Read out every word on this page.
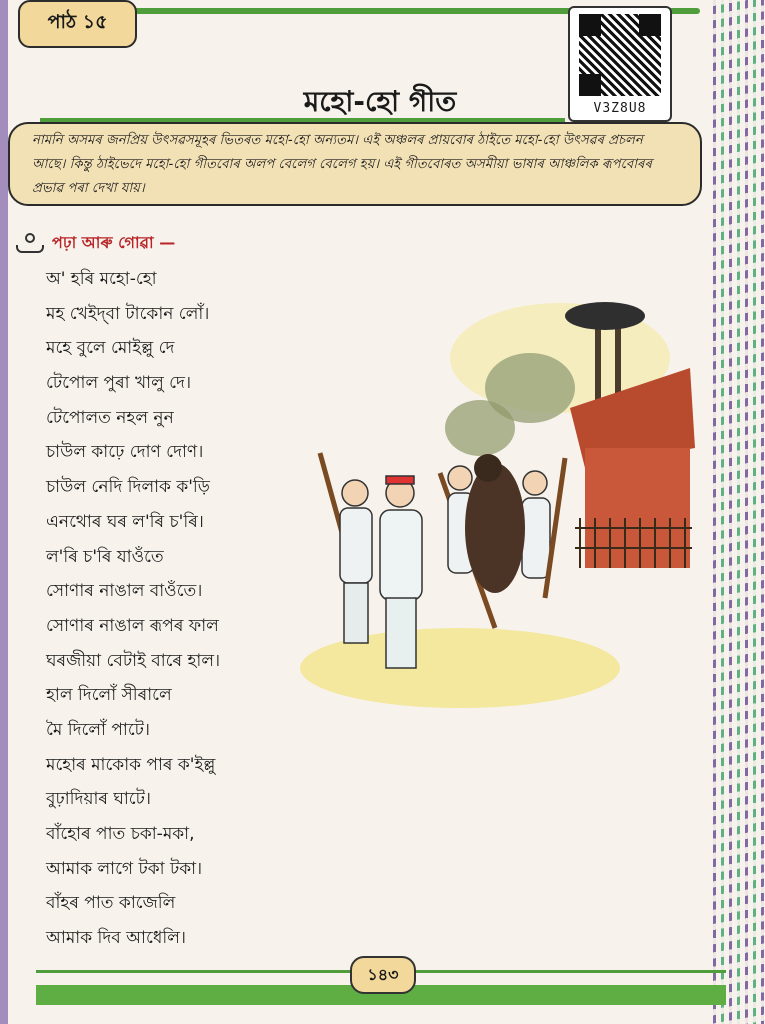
পাঠ ১৫
V3Z8U8
মহো-হো গীত
নামনি অসমৰ জনপ্ৰিয় উৎসৱসমূহৰ ভিতৰত মহো-হো অন্যতম। এই অঞ্চলৰ প্ৰায়বোৰ ঠাইতে মহো-হো উৎসৱৰ প্ৰচলন আছে। কিন্তু ঠাইভেদে মহো-হো গীতবোৰ অলপ বেলেগ বেলেগ হয়। এই গীতবোৰত অসমীয়া ভাষাৰ আঞ্চলিক ৰূপবোৰৰ প্ৰভাৱ পৰা দেখা যায়।
পঢ়া আৰু গোৱা —
অ' হৰি মহো-হো
মহ খেইদ্‌বা টাকোন লোঁ।
মহে বুলে মোইল্লু দে
টেপোল পুৰা খালু দে।
টেপোলত নহল নুন
চাউল কাঢ়ে দোণ দোণ।
চাউল নেদি দিলাক ক'ড়ি
এনথোৰ ঘৰ ল'ৰি চ'ৰি।
ল'ৰি চ'ৰি যাওঁতে
সোণাৰ নাঙাল বাওঁতে।
সোণাৰ নাঙাল ৰূপৰ ফাল
ঘৰজীয়া বেটাই বাৰে হাল।
হাল দিলোঁ সীৰালে
মৈ দিলোঁ পাটে।
মহোৰ মাকোক পাৰ ক'ইল্লু
বুঢ়াদিয়াৰ ঘাটে।
বাঁহোৰ পাত চকা-মকা,
আমাক লাগে টকা টকা।
বাঁহৰ পাত কাজেলি
আমাক দিব আধেলি।
১৪৩
